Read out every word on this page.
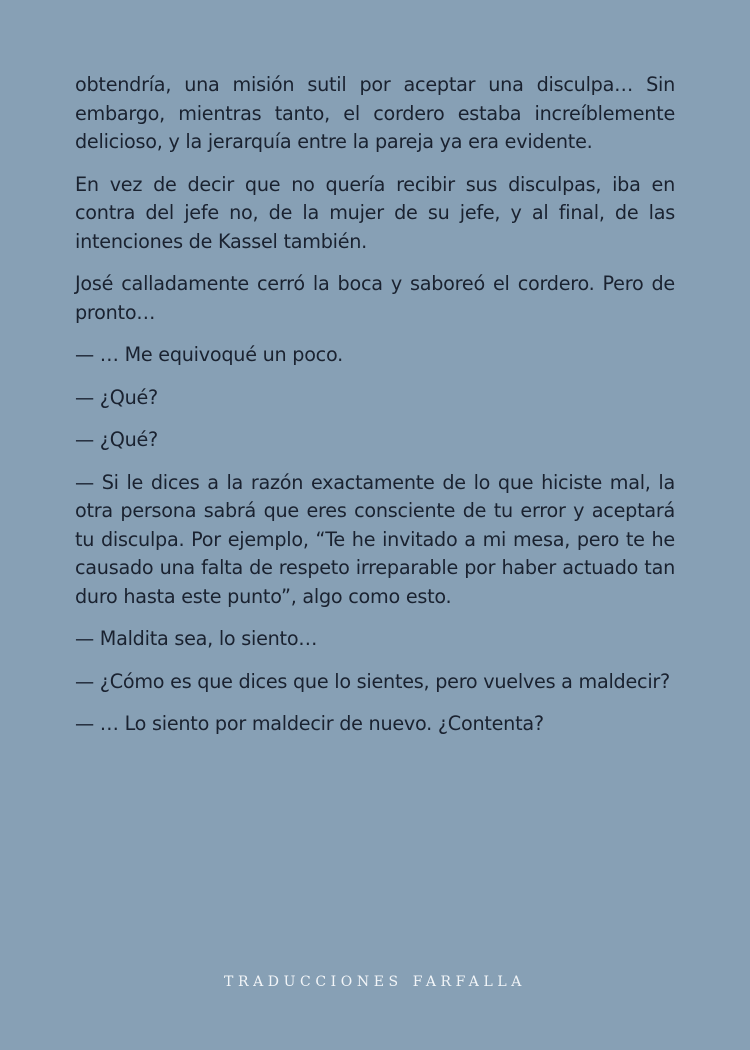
obtendría, una misión sutil por aceptar una disculpa… Sin embargo, mientras tanto, el cordero estaba increíblemente delicioso, y la jerarquía entre la pareja ya era evidente.

En vez de decir que no quería recibir sus disculpas, iba en contra del jefe no, de la mujer de su jefe, y al final, de las intenciones de Kassel también.

José calladamente cerró la boca y saboreó el cordero. Pero de pronto…

— … Me equivoqué un poco.

— ¿Qué?

— ¿Qué?

— Si le dices a la razón exactamente de lo que hiciste mal, la otra persona sabrá que eres consciente de tu error y aceptará tu disculpa. Por ejemplo, “Te he invitado a mi mesa, pero te he causado una falta de respeto irreparable por haber actuado tan duro hasta este punto”, algo como esto.

— Maldita sea, lo siento…

— ¿Cómo es que dices que lo sientes, pero vuelves a maldecir?

— … Lo siento por maldecir de nuevo. ¿Contenta?

TRADUCCIONES FARFALLA
